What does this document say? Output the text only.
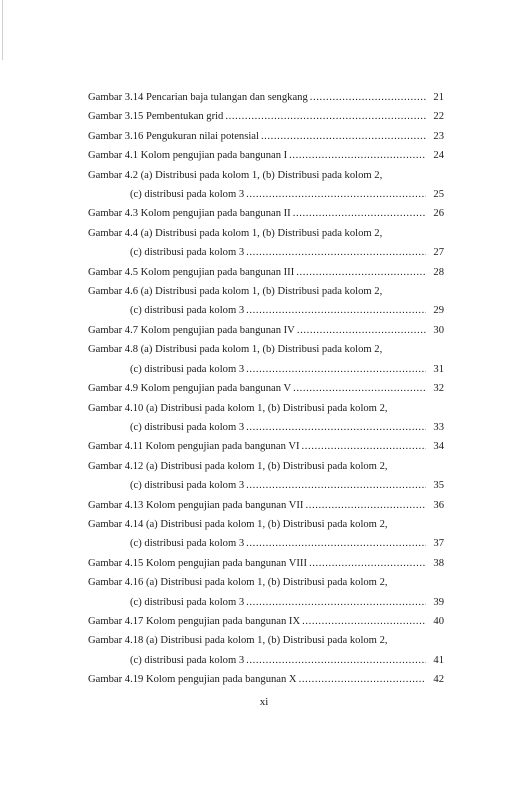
Gambar 3.14 Pencarian baja tulangan dan sengkang .....	21
Gambar 3.15 Pembentukan grid .....	22
Gambar 3.16 Pengukuran nilai potensial .....	23
Gambar 4.1 Kolom pengujian pada bangunan I .....	24
Gambar 4.2 (a) Distribusi pada kolom 1, (b) Distribusi pada kolom 2,
(c) distribusi pada kolom 3 .....	25
Gambar 4.3 Kolom pengujian pada bangunan II .....	26
Gambar 4.4 (a) Distribusi pada kolom 1, (b) Distribusi pada kolom 2,
(c) distribusi pada kolom 3 .....	27
Gambar 4.5 Kolom pengujian pada bangunan III .....	28
Gambar 4.6 (a) Distribusi pada kolom 1, (b) Distribusi pada kolom 2,
(c) distribusi pada kolom 3 .....	29
Gambar 4.7 Kolom pengujian pada bangunan IV .....	30
Gambar 4.8 (a) Distribusi pada kolom 1, (b) Distribusi pada kolom 2,
(c) distribusi pada kolom 3 .....	31
Gambar 4.9 Kolom pengujian pada bangunan V .....	32
Gambar 4.10 (a) Distribusi pada kolom 1, (b) Distribusi pada kolom 2,
(c) distribusi pada kolom 3 .....	33
Gambar 4.11 Kolom pengujian pada bangunan VI .....	34
Gambar 4.12 (a) Distribusi pada kolom 1, (b) Distribusi pada kolom 2,
(c) distribusi pada kolom 3 .....	35
Gambar 4.13 Kolom pengujian pada bangunan VII .....	36
Gambar 4.14 (a) Distribusi pada kolom 1, (b) Distribusi pada kolom 2,
(c) distribusi pada kolom 3 .....	37
Gambar 4.15 Kolom pengujian pada bangunan VIII .....	38
Gambar 4.16 (a) Distribusi pada kolom 1, (b) Distribusi pada kolom 2,
(c) distribusi pada kolom 3 .....	39
Gambar 4.17 Kolom pengujian pada bangunan IX .....	40
Gambar 4.18 (a) Distribusi pada kolom 1, (b) Distribusi pada kolom 2,
(c) distribusi pada kolom 3 .....	41
Gambar 4.19 Kolom pengujian pada bangunan X .....	42
xi
